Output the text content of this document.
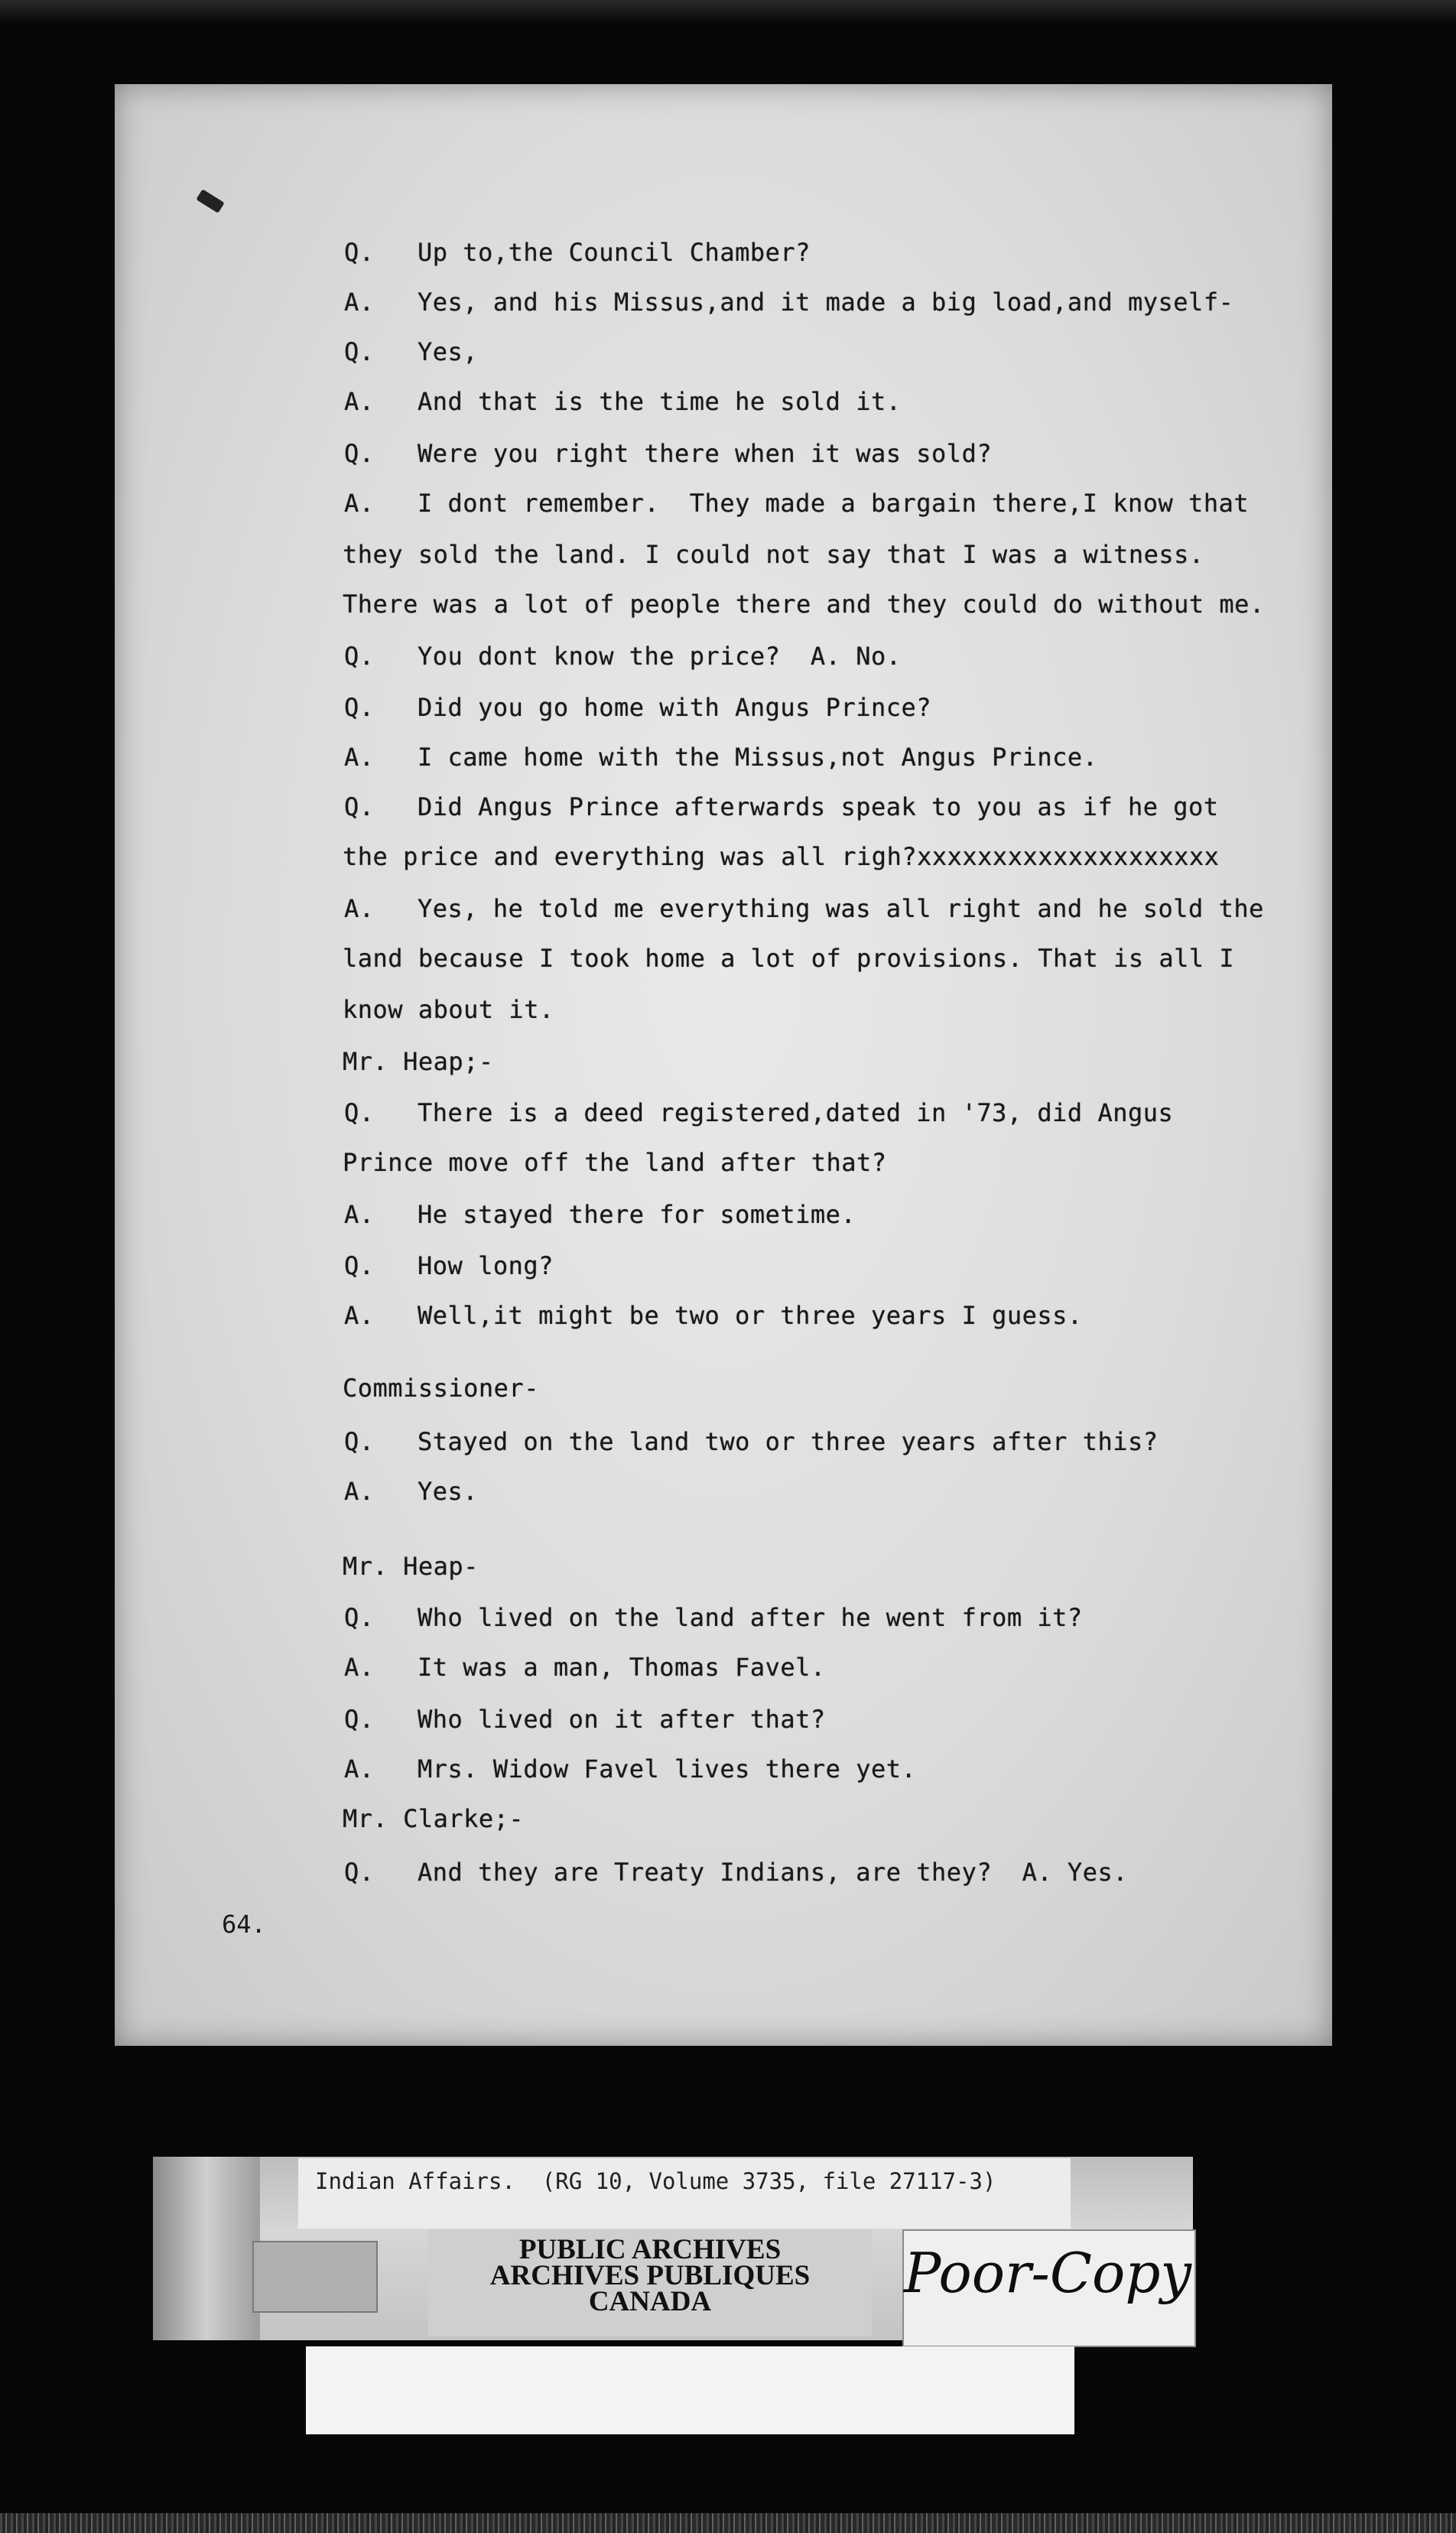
Q. Up to,the Council Chamber?
A. Yes, and his Missus,and it made a big load,and myself-
Q. Yes,
A. And that is the time he sold it.
Q. Were you right there when it was sold?
A. I dont remember.  They made a bargain there,I know that
they sold the land. I could not say that I was a witness.
There was a lot of people there and they could do without me.
Q. You dont know the price?  A. No.
Q. Did you go home with Angus Prince?
A. I came home with the Missus,not Angus Prince.
Q. Did Angus Prince afterwards speak to you as if he got
the price and everything was all righ?xxxxxxxxxxxxxxxxxxxx
A. Yes, he told me everything was all right and he sold the
land because I took home a lot of provisions. That is all I
know about it.
Mr. Heap;-
Q. There is a deed registered,dated in '73, did Angus
Prince move off the land after that?
A. He stayed there for sometime.
Q. How long?
A. Well,it might be two or three years I guess.
Commissioner-
Q. Stayed on the land two or three years after this?
A. Yes.
Mr. Heap-
Q. Who lived on the land after he went from it?
A. It was a man, Thomas Favel.
Q. Who lived on it after that?
A. Mrs. Widow Favel lives there yet.
Mr. Clarke;-
Q. And they are Treaty Indians, are they?  A. Yes.
64.
Indian Affairs.  (RG 10, Volume 3735, file 27117-3)
PUBLIC ARCHIVES
ARCHIVES PUBLIQUES
CANADA	Poor-Copy
